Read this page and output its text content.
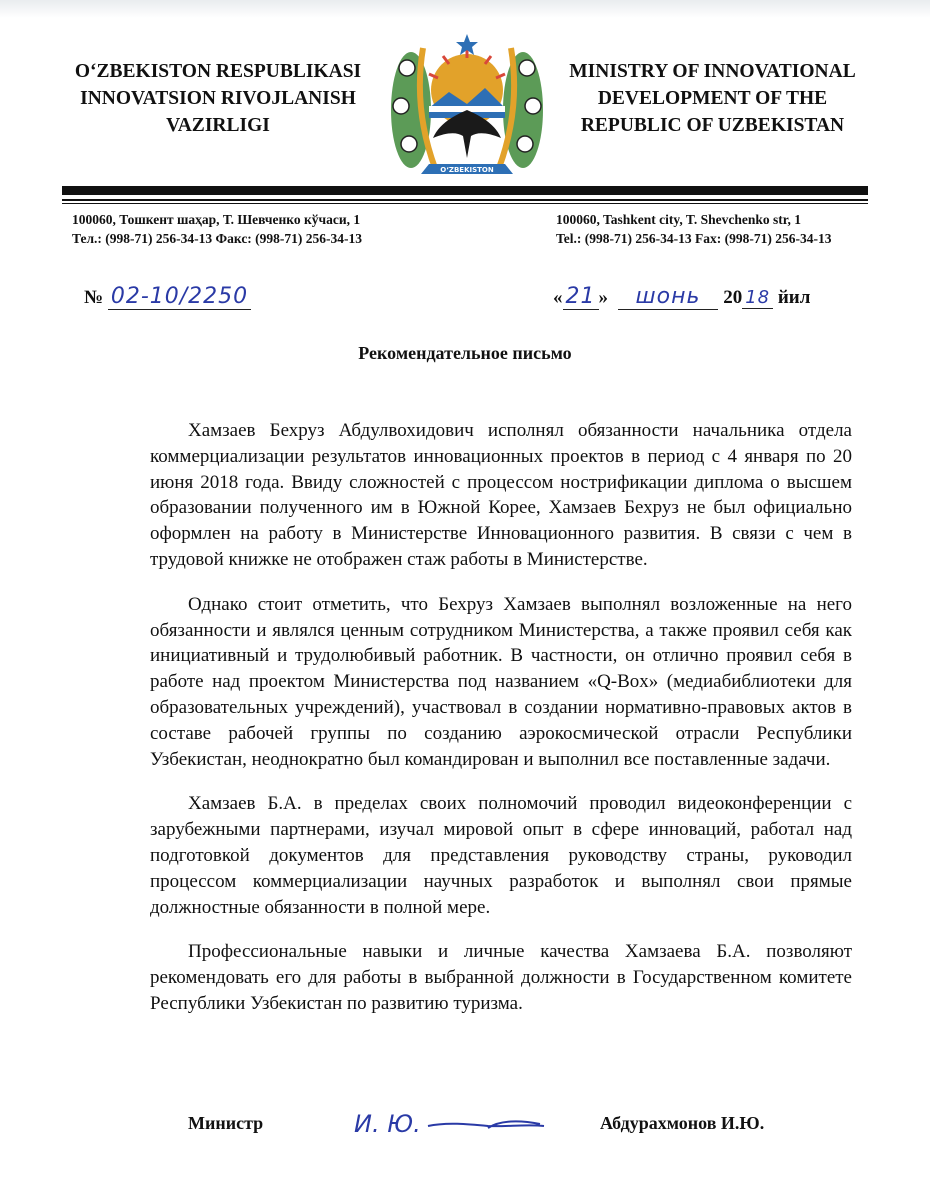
O‘ZBEKISTON RESPUBLIKASI
INNOVATSION RIVOJLANISH
VAZIRLIGI
O‘ZBEKISTON
MINISTRY OF INNOVATIONAL
DEVELOPMENT OF THE
REPUBLIC OF UZBEKISTAN
100060, Тошкент шаҳар, Т. Шевченко кўчаси, 1
Тел.: (998-71) 256-34-13 Факс: (998-71) 256-34-13
100060, Tashkent city, T. Shevchenko str, 1
Tel.: (998-71) 256-34-13 Fax: (998-71) 256-34-13
№ 02-10/2250	« 21 » шонь 20 18 йил
Рекомендательное письмо

Хамзаев Бехруз Абдулвохидович исполнял обязанности начальника отдела коммерциализации результатов инновационных проектов в период с 4 января по 20 июня 2018 года. Ввиду сложностей с процессом нострификации диплома о высшем образовании полученного им в Южной Корее, Хамзаев Бехруз не был официально оформлен на работу в Министерстве Инновационного развития. В связи с чем в трудовой книжке не отображен стаж работы в Министерстве.

Однако стоит отметить, что Бехруз Хамзаев выполнял возложенные на него обязанности и являлся ценным сотрудником Министерства, а также проявил себя как инициативный и трудолюбивый работник. В частности, он отлично проявил себя в работе над проектом Министерства под названием «Q-Box» (медиабиблиотеки для образовательных учреждений), участвовал в создании нормативно-правовых актов в составе рабочей группы по созданию аэрокосмической отрасли Республики Узбекистан, неоднократно был командирован и выполнил все поставленные задачи.

Хамзаев Б.А. в пределах своих полномочий проводил видеоконференции с зарубежными партнерами, изучал мировой опыт в сфере инноваций, работал над подготовкой документов для представления руководству страны, руководил процессом коммерциализации научных разработок и выполнял свои прямые должностные обязанности в полной мере.

Профессиональные навыки и личные качества Хамзаева Б.А. позволяют рекомендовать его для работы в выбранной должности в Государственном комитете Республики Узбекистан по развитию туризма.

Министр	И. Ю.	Абдурахмонов И.Ю.
